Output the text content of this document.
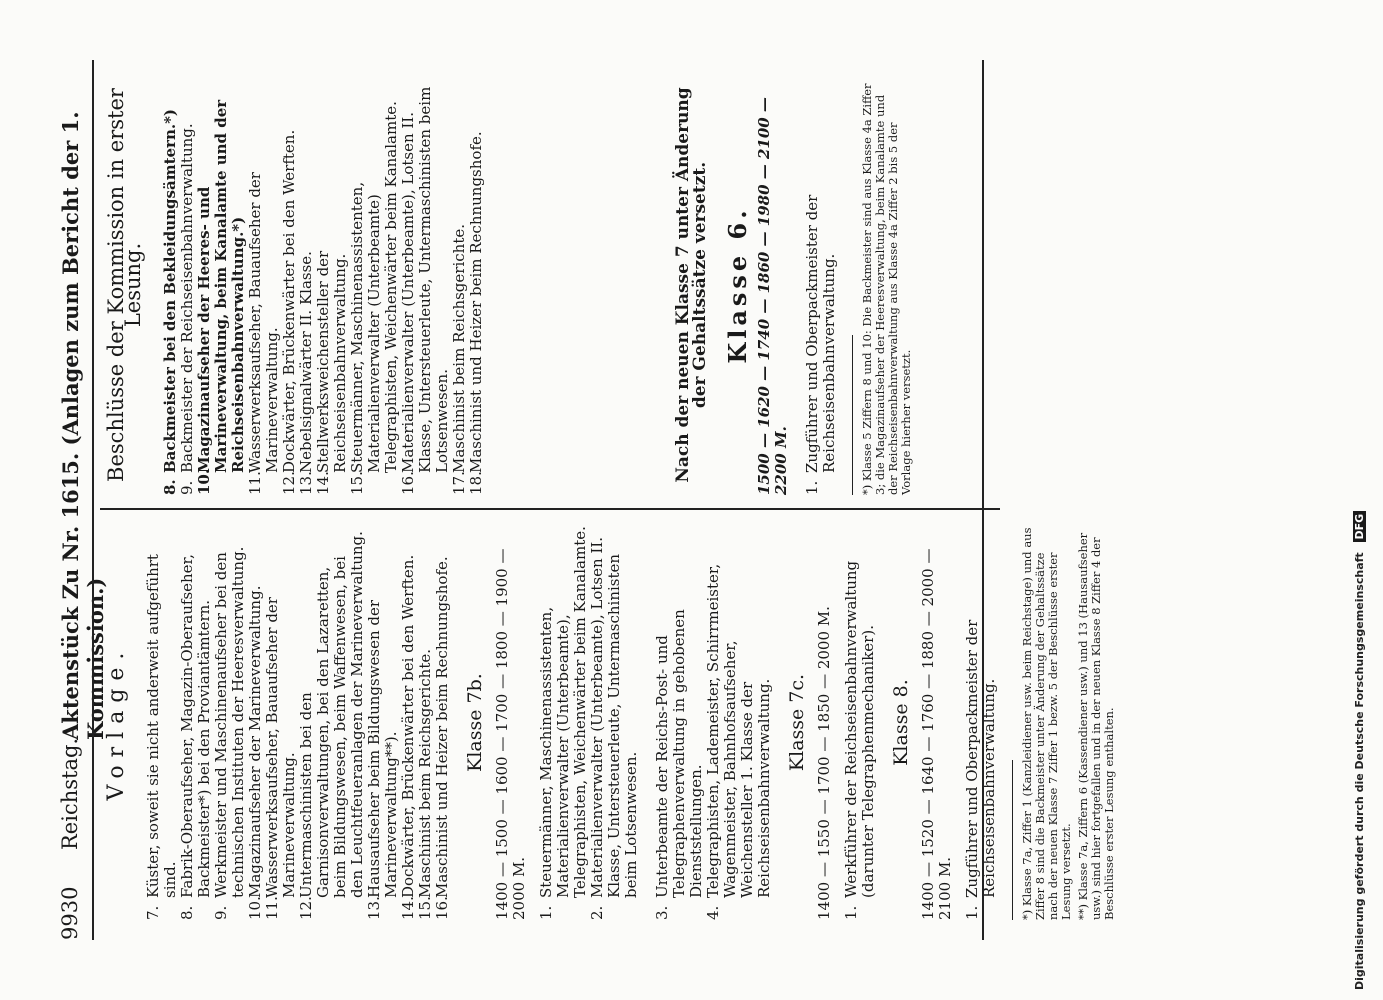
9930
Reichstag.
Aktenstück Zu Nr. 1615. (Anlagen zum Bericht der 1. Kommission.)
Vorlage.
7.
Küster, soweit sie nicht anderweit aufgeführt sind.
8.
Fabrik-Oberaufseher, Magazin-Oberaufseher, Backmeister*) bei den Proviantämtern.
9.
Werkmeister und Maschinenaufseher bei den technischen Instituten der Heeresverwaltung.
10.
Magazinaufseher der Marineverwaltung.
11.
Wasserwerksaufseher, Bauaufseher der Marineverwaltung.
12.
Untermaschinisten bei den Garnisonverwaltungen, bei den Lazaretten, beim Bildungswesen, beim Waffenwesen, bei den Leuchtfeueranlagen der Marineverwaltung.
13.
Hausaufseher beim Bildungswesen der Marineverwaltung**).
14.
Dockwärter, Brückenwärter bei den Werften.
15.
Maschinist beim Reichsgerichte.
16.
Maschinist und Heizer beim Rechnungshofe. Klasse 7b. 1400 — 1500 — 1600 — 1700 — 1800 — 1900 — 2000 M. 1.
Steuermänner, Maschinenassistenten, Materialienverwalter (Unterbeamte), Telegraphisten, Weichenwärter beim Kanalamte.
2.
Materialienverwalter (Unterbeamte), Lotsen II. Klasse, Untersteuerleute, Untermaschinisten beim Lotsenwesen.
3.
Unterbeamte der Reichs-Post- und Telegraphenverwaltung in gehobenen Dienststellungen.
4.
Telegraphisten, Lademeister, Schirrmeister, Wagenmeister, Bahnhofsaufseher, Weichensteller 1. Klasse der Reichseisenbahnverwaltung. Klasse 7c. 1400 — 1550 — 1700 — 1850 — 2000 M. 1.
Werkführer der Reichseisenbahnverwaltung (darunter Telegraphenmechaniker). Klasse 8. 1400 — 1520 — 1640 — 1760 — 1880 — 2000 — 2100 M. 1.
Zugführer und Oberpackmeister der Reichseisenbahnverwaltung. *) Klasse 7a, Ziffer 1 (Kanzleidiener usw. beim Reichstage) und aus Ziffer 8 sind die Backmeister unter Änderung der Gehaltssätze nach der neuen Klasse 7 Ziffer 1 bezw. 5 der Beschlüsse erster Lesung versetzt. **) Klasse 7a, Ziffern 6 (Kassendiener usw.) und 13 (Hausaufseher usw.) sind hier fortgefallen und in der neuen Klasse 8 Ziffer 4 der Beschlüsse erster Lesung enthalten.
Beschlüsse der Kommission in erster Lesung.
8.
Backmeister bei den Bekleidungsämtern.*)
9.
Backmeister der Reichseisenbahnverwaltung.
10.
Magazinaufseher der Heeres- und Marineverwaltung, beim Kanalamte und der Reichseisenbahnverwaltung.*)
11.
Wasserwerksaufseher, Bauaufseher der Marineverwaltung.
12.
Dockwärter, Brückenwärter bei den Werften.
13.
Nebelsignalwärter II. Klasse.
14.
Stellwerksweichensteller der Reichseisenbahnverwaltung.
15.
Steuermänner, Maschinenassistenten, Materialienverwalter (Unterbeamte) Telegraphisten, Weichenwärter beim Kanalamte.
16.
Materialienverwalter (Unterbeamte), Lotsen II. Klasse, Untersteuerleute, Untermaschinisten beim Lotsenwesen.
17.
Maschinist beim Reichsgerichte.
18.
Maschinist und Heizer beim Rechnungshofe.	Nach der neuen Klasse 7 unter Änderung der Gehaltssätze versetzt. Klasse 6. 1500 — 1620 — 1740 — 1860 — 1980 — 2100 — 2200 M. 1.
Zugführer und Oberpackmeister der Reichseisenbahnverwaltung. *) Klasse 5 Ziffern 8 und 10: Die Backmeister sind aus Klasse 4a Ziffer 3; die Magazinaufseher der Heeresverwaltung, beim Kanalamte und der Reichseisenbahnverwaltung aus Klasse 4a Ziffer 2 bis 5 der Vorlage hierher versetzt.
Digitalisierung gefördert durch die Deutsche Forschungsgemeinschaft DFG
